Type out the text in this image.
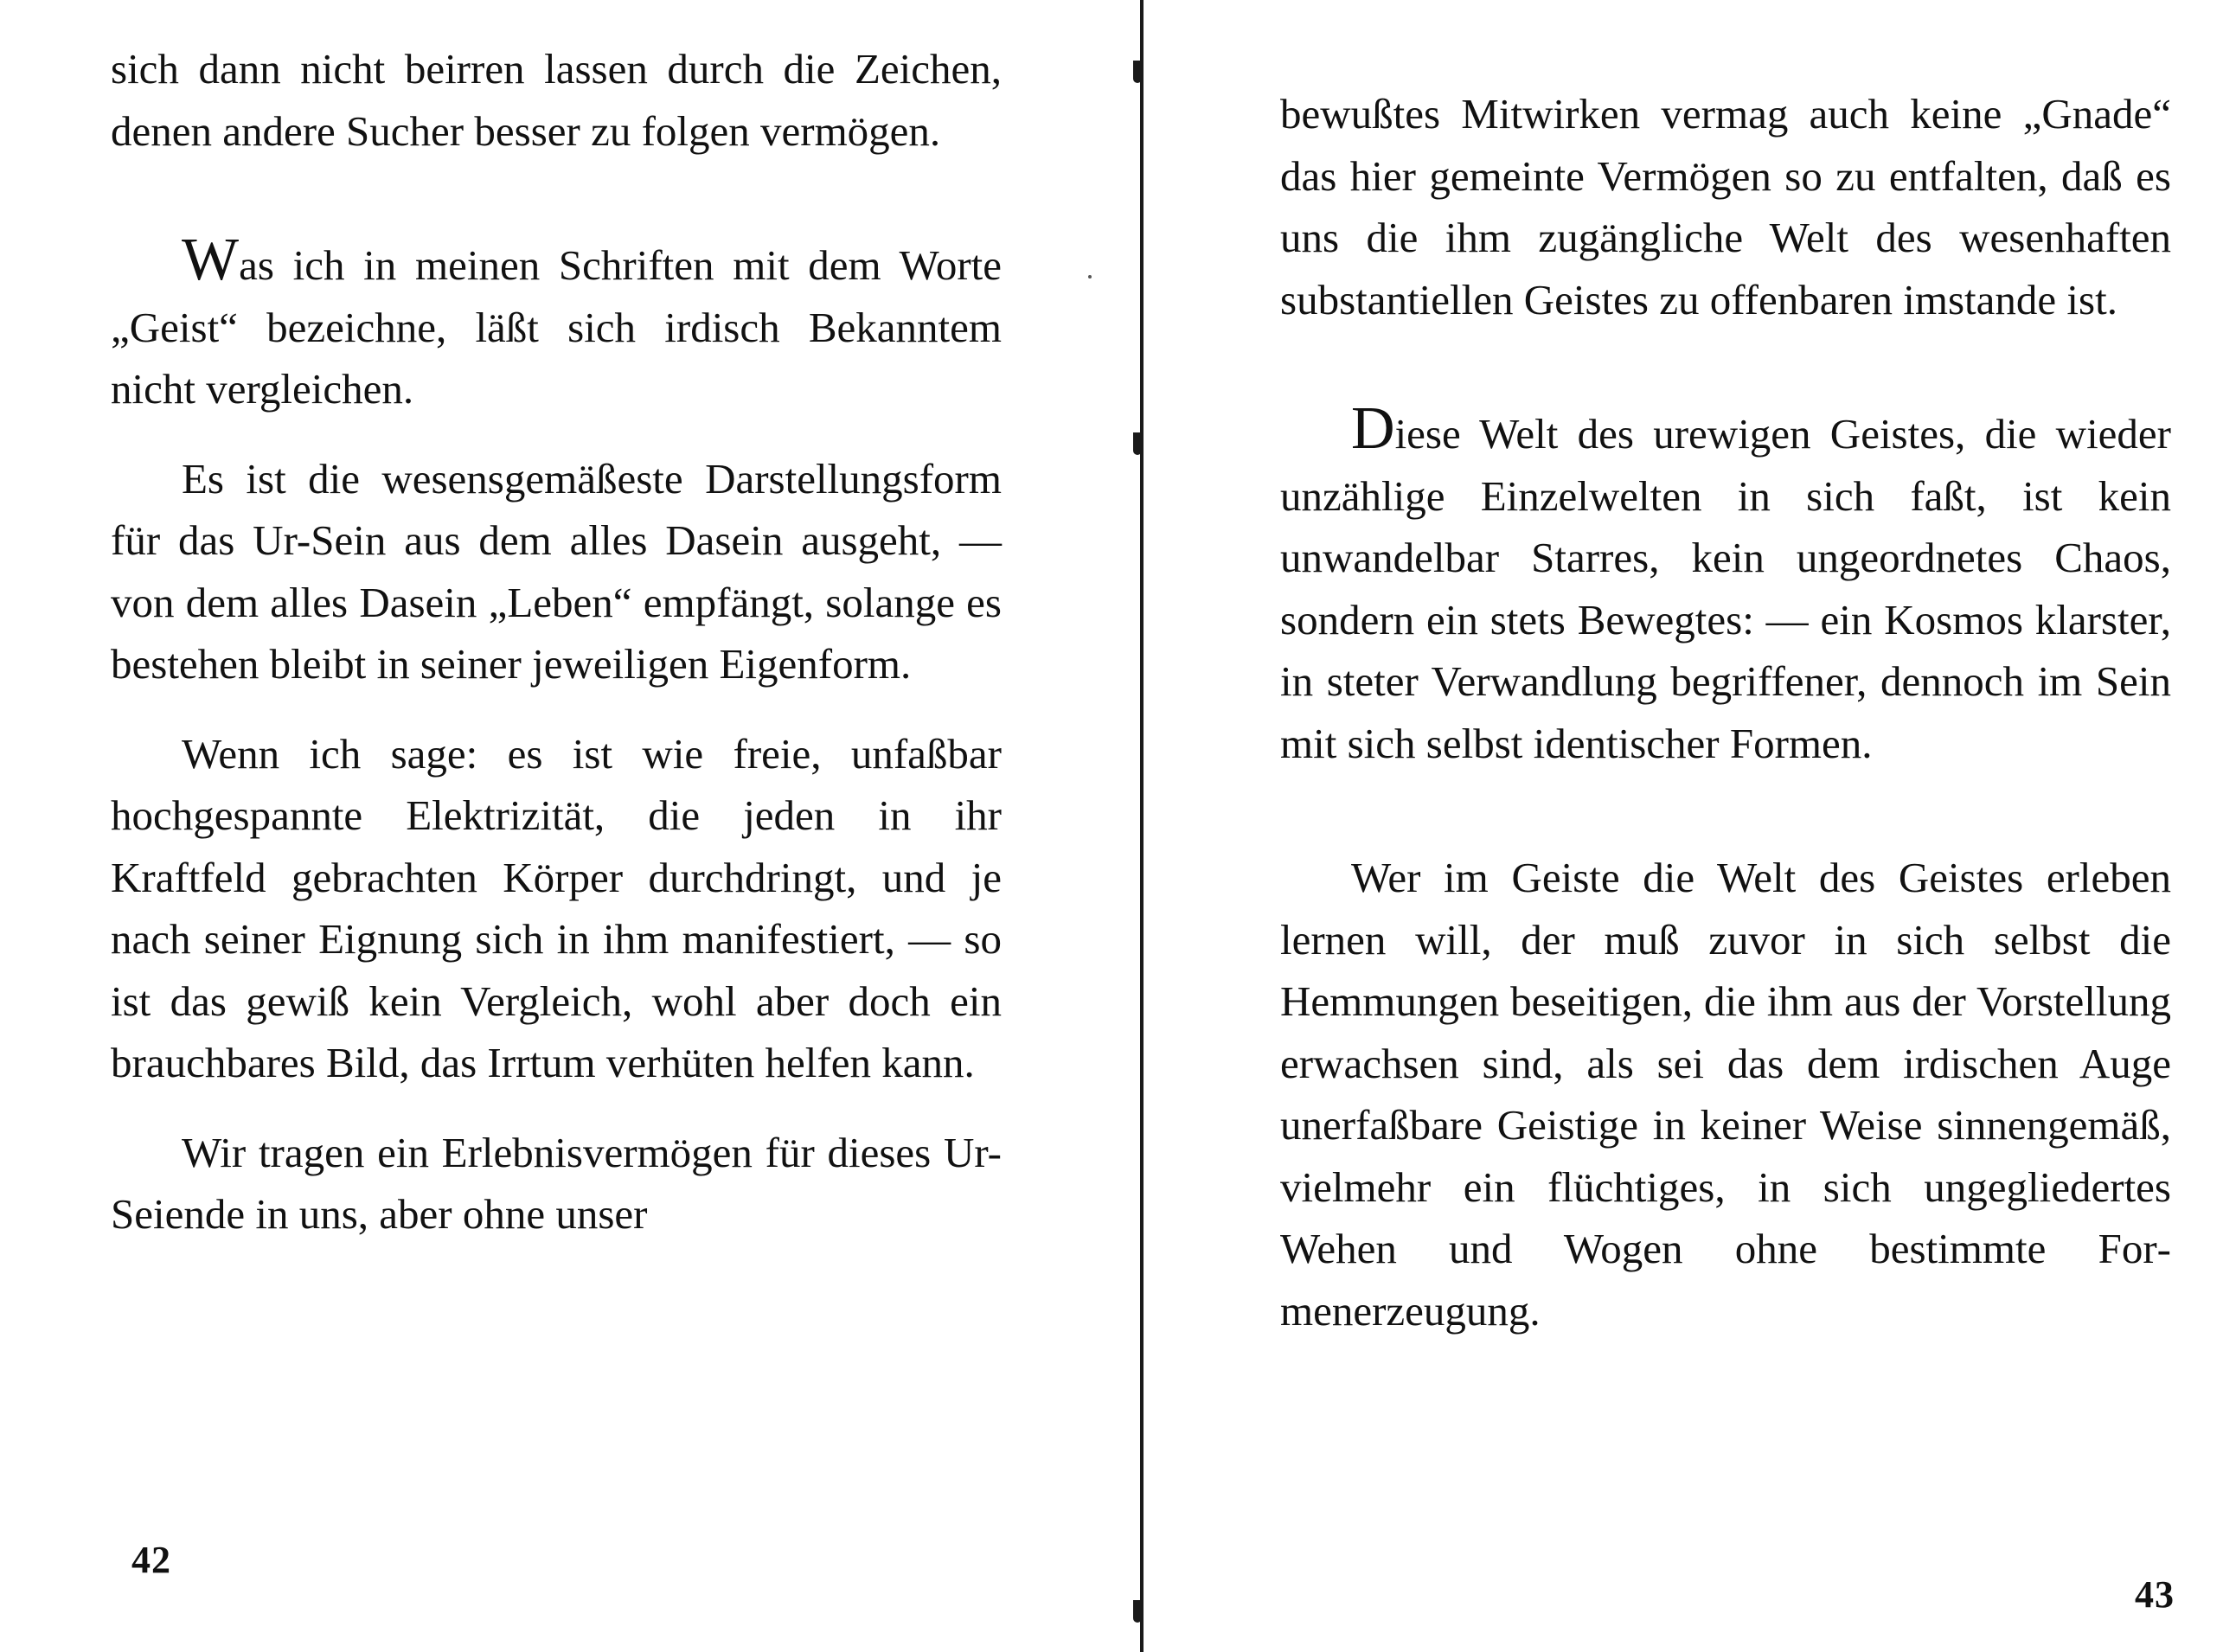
sich dann nicht beirren lassen durch die Zeichen, denen andere Sucher besser zu folgen vermögen.

Was ich in meinen Schriften mit dem Worte „Geist“ bezeichne, läßt sich irdisch Bekanntem nicht vergleichen.

Es ist die wesensgemäßeste Darstellungsform für das Ur-Sein aus dem alles Dasein ausgeht, — von dem alles Dasein „Leben“ empfängt, solange es bestehen bleibt in seiner jeweiligen Eigenform.

Wenn ich sage: es ist wie freie, unfaßbar hochgespannte Elektrizität, die jeden in ihr Kraftfeld gebrachten Körper durchdringt, und je nach seiner Eignung sich in ihm manifestiert, — so ist das gewiß kein Vergleich, wohl aber doch ein brauchbares Bild, das Irrtum verhüten helfen kann.

Wir tragen ein Erlebnisvermögen für dieses Ur-Seiende in uns, aber ohne unser

42

bewußtes Mitwirken vermag auch keine „Gnade“ das hier gemeinte Vermögen so zu entfalten, daß es uns die ihm zugängliche Welt des wesenhaften substantiellen Geistes zu offenbaren imstande ist.

Diese Welt des urewigen Geistes, die wieder unzählige Einzelwelten in sich faßt, ist kein unwandelbar Starres, kein ungeordnetes Chaos, sondern ein stets Bewegtes: — ein Kosmos klarster, in steter Verwandlung begriffener, dennoch im Sein mit sich selbst identischer Formen.

Wer im Geiste die Welt des Geistes erleben lernen will, der muß zuvor in sich selbst die Hemmungen beseitigen, die ihm aus der Vorstellung erwachsen sind, als sei das dem irdischen Auge unerfaßbare Geistige in keiner Weise sinnengemäß, vielmehr ein flüchtiges, in sich ungegliedertes Wehen und Wogen ohne bestimmte Formenerzeugung.

43
